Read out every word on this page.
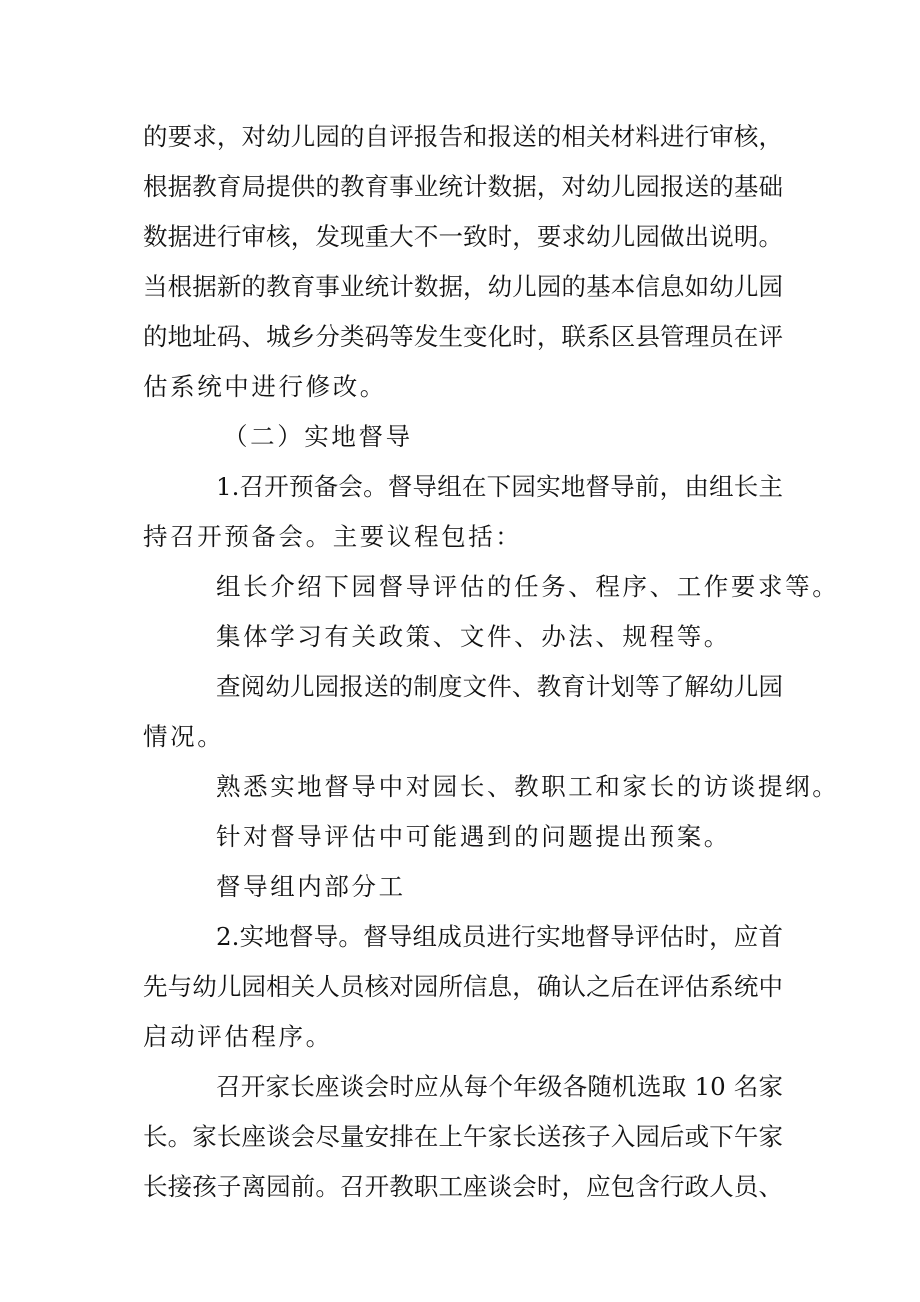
的要求，对幼儿园的自评报告和报送的相关材料进行审核，
根据教育局提供的教育事业统计数据，对幼儿园报送的基础
数据进行审核，发现重大不一致时，要求幼儿园做出说明。
当根据新的教育事业统计数据，幼儿园的基本信息如幼儿园
的地址码、城乡分类码等发生变化时，联系区县管理员在评
估系统中进行修改。
（二）实地督导
1.召开预备会。督导组在下园实地督导前，由组长主
持召开预备会。主要议程包括：
组长介绍下园督导评估的任务、程序、工作要求等。
集体学习有关政策、文件、办法、规程等。
查阅幼儿园报送的制度文件、教育计划等了解幼儿园
情况。
熟悉实地督导中对园长、教职工和家长的访谈提纲。
针对督导评估中可能遇到的问题提出预案。
督导组内部分工
2.实地督导。督导组成员进行实地督导评估时，应首
先与幼儿园相关人员核对园所信息，确认之后在评估系统中
启动评估程序。
召开家长座谈会时应从每个年级各随机选取 10 名家
长。家长座谈会尽量安排在上午家长送孩子入园后或下午家
长接孩子离园前。召开教职工座谈会时，应包含行政人员、
